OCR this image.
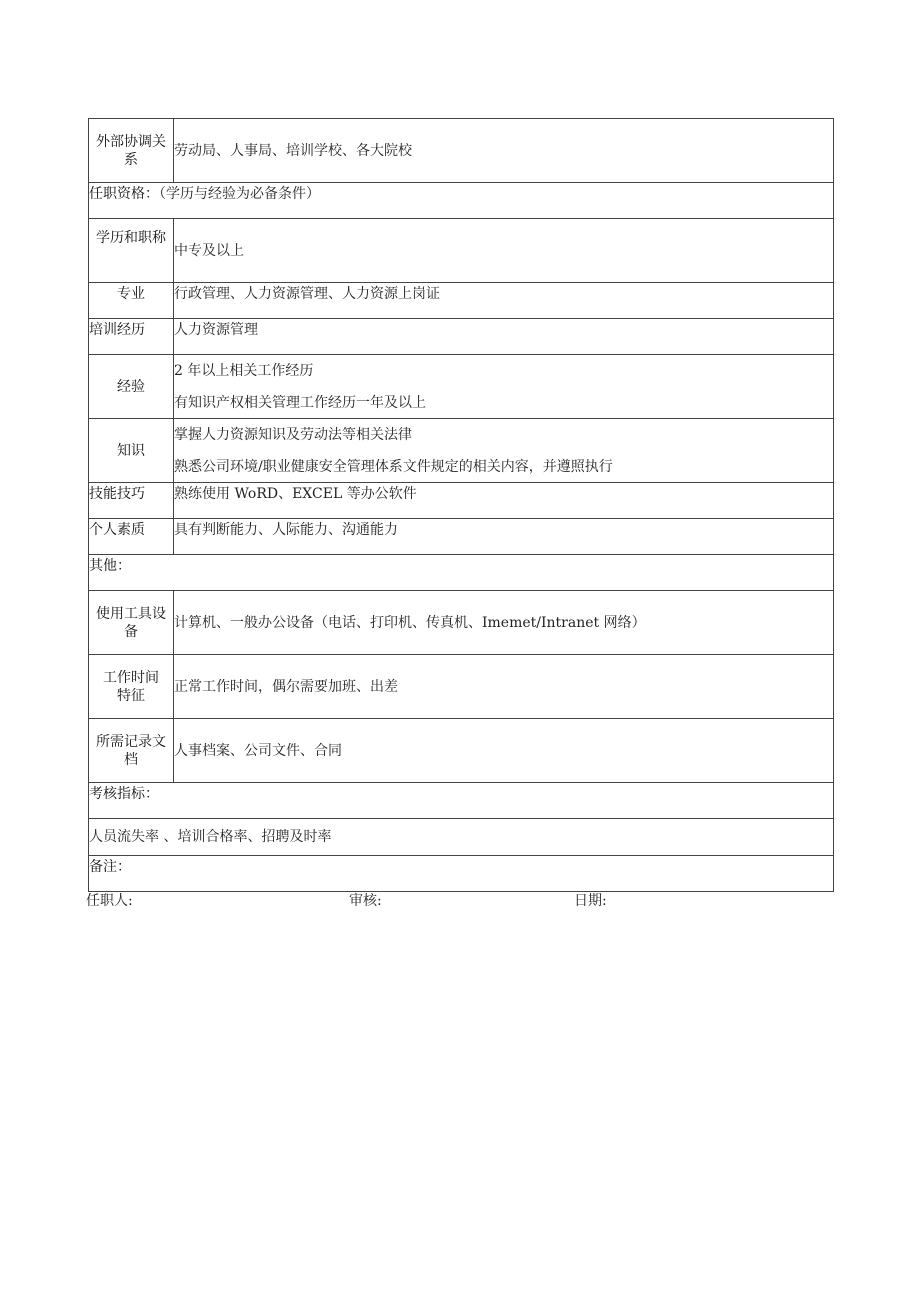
外部协调关
系	劳动局、人事局、培训学校、各大院校
任职资格：（学历与经验为必备条件）	
学历和职称	中专及以上
专业	行政管理、人力资源管理、人力资源上岗证
培训经历	人力资源管理
经验	2 年以上相关工作经历
有知识产权相关管理工作经历一年及以上

知识	掌握人力资源知识及劳动法等相关法律
熟悉公司环境/职业健康安全管理体系文件规定的相关内容，并遵照执行

技能技巧	熟练使用 WoRD、EXCEL 等办公软件
个人素质	具有判断能力、人际能力、沟通能力
其他：	

使用工具设
备	计算机、一般办公设备（电话、打印机、传真机、Imemet/Intranet 网络）

工作时间
特征	正常工作时间，偶尔需要加班、出差

所需记录文
档	人事档案、公司文件、合同
考核指标：	
人员流失率 、培训合格率、招聘及时率	
备注：	
任职人:	审核:	日期:
